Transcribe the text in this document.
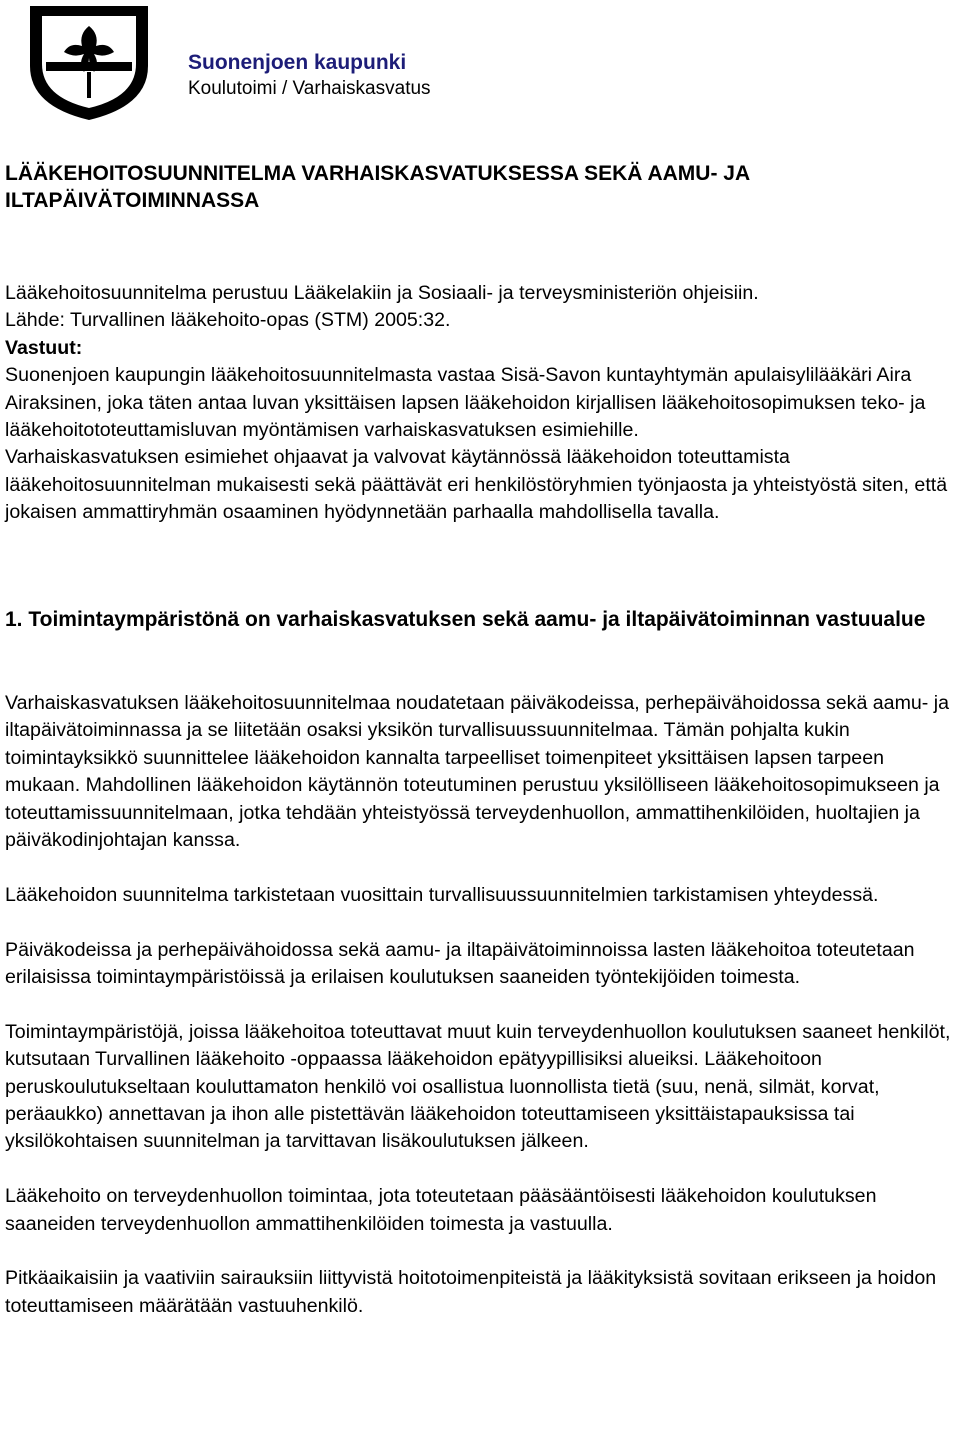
Suonenjoen kaupunki
Koulutoimi / Varhaiskasvatus
LÄÄKEHOITOSUUNNITELMA VARHAISKASVATUKSESSA SEKÄ AAMU- JA ILTAPÄIVÄTOIMINNASSA

Lääkehoitosuunnitelma perustuu Lääkelakiin ja Sosiaali- ja terveysministeriön ohjeisiin.

Lähde: Turvallinen lääkehoito-opas (STM) 2005:32.

Vastuut:

Suonenjoen kaupungin lääkehoitosuunnitelmasta vastaa Sisä-Savon kuntayhtymän apulaisylilääkäri Aira Airaksinen, joka täten antaa luvan yksittäisen lapsen lääkehoidon kirjallisen lääkehoitosopimuksen teko- ja lääkehoitototeuttamisluvan myöntämisen varhaiskasvatuksen esimiehille.

Varhaiskasvatuksen esimiehet ohjaavat ja valvovat käytännössä lääkehoidon toteuttamista lääkehoitosuunnitelman mukaisesti sekä päättävät eri henkilöstöryhmien työnjaosta ja yhteistyöstä siten, että jokaisen ammattiryhmän osaaminen hyödynnetään parhaalla mahdollisella tavalla.

1. Toimintaympäristönä on varhaiskasvatuksen sekä aamu- ja iltapäivätoiminnan vastuualue

Varhaiskasvatuksen lääkehoitosuunnitelmaa noudatetaan päiväkodeissa, perhepäivähoidossa sekä aamu- ja iltapäivätoiminnassa ja se liitetään osaksi yksikön turvallisuussuunnitelmaa. Tämän pohjalta kukin toimintayksikkö suunnittelee lääkehoidon kannalta tarpeelliset toimenpiteet yksittäisen lapsen tarpeen mukaan. Mahdollinen lääkehoidon käytännön toteutuminen perustuu yksilölliseen lääkehoitosopimukseen ja toteuttamissuunnitelmaan, jotka tehdään yhteistyössä terveydenhuollon, ammattihenkilöiden, huoltajien ja päiväkodinjohtajan kanssa.

Lääkehoidon suunnitelma tarkistetaan vuosittain turvallisuussuunnitelmien tarkistamisen yhteydessä.

Päiväkodeissa ja perhepäivähoidossa sekä aamu- ja iltapäivätoiminnoissa lasten lääkehoitoa toteutetaan erilaisissa toimintaympäristöissä ja erilaisen koulutuksen saaneiden työntekijöiden toimesta.

Toimintaympäristöjä, joissa lääkehoitoa toteuttavat muut kuin terveydenhuollon koulutuksen saaneet henkilöt, kutsutaan Turvallinen lääkehoito -oppaassa lääkehoidon epätyypillisiksi alueiksi. Lääkehoitoon peruskoulutukseltaan kouluttamaton henkilö voi osallistua luonnollista tietä (suu, nenä, silmät, korvat, peräaukko) annettavan ja ihon alle pistettävän lääkehoidon toteuttamiseen yksittäistapauksissa tai yksilökohtaisen suunnitelman ja tarvittavan lisäkoulutuksen jälkeen.

Lääkehoito on terveydenhuollon toimintaa, jota toteutetaan pääsääntöisesti lääkehoidon koulutuksen saaneiden terveydenhuollon ammattihenkilöiden toimesta ja vastuulla.

Pitkäaikaisiin ja vaativiin sairauksiin liittyvistä hoitotoimenpiteistä ja lääkityksistä sovitaan erikseen ja hoidon toteuttamiseen määrätään vastuuhenkilö.
